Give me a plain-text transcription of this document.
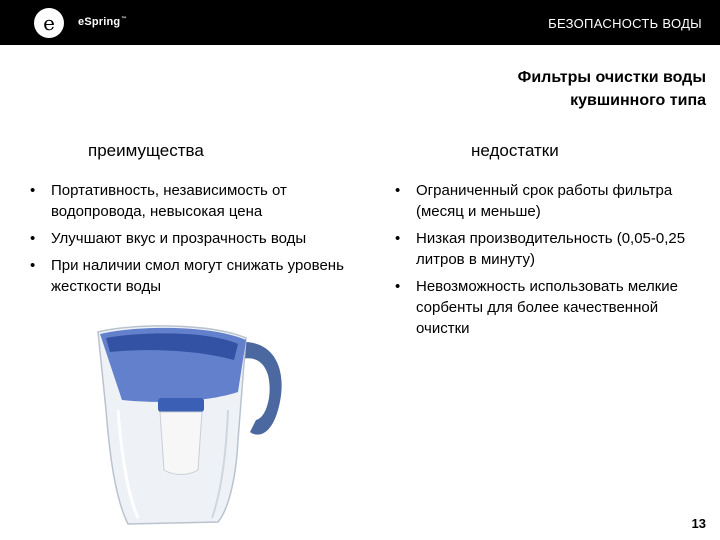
e eSpring™	БЕЗОПАСНОСТЬ ВОДЫ
Фильтры очистки воды
кувшинного типа
преимущества	недостатки
• Портативность, независимость от водопровода, невысокая цена
• Улучшают вкус и прозрачность воды
• При наличии смол могут снижать уровень жесткости воды
• Ограниченный срок работы фильтра (месяц и меньше)
• Низкая производительность (0,05-0,25 литров в минуту)
• Невозможность использовать мелкие сорбенты для более качественной очистки
13
